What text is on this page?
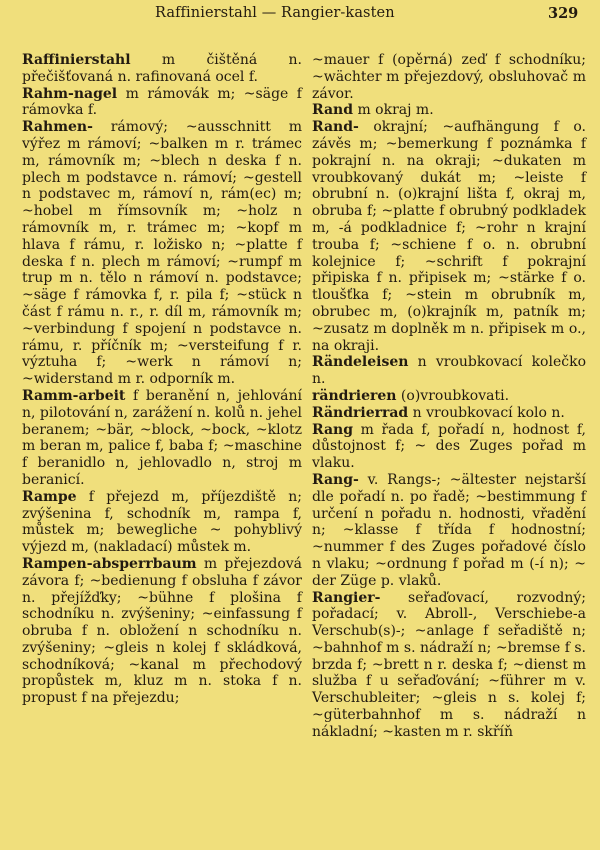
Raffinierstahl — Rangier-kasten	329

Raffinierstahl m čištěná n. přečišťovaná n. rafinovaná ocel f.

Rahm-nagel m rámovák m; ~säge f rámovka f.

Rahmen- rámový; ~ausschnitt m výřez m rámoví; ~balken m r. trámec m, rámovník m; ~blech n deska f n. plech m podstavce n. rámoví; ~gestell n podstavec m, rámoví n, rám(ec) m; ~hobel m římsovník m; ~holz n rámovník m, r. trámec m; ~kopf m hlava f rámu, r. ložisko n; ~platte f deska f n. plech m rámoví; ~rumpf m trup m n. tělo n rámoví n. podstavce; ~säge f rámovka f, r. pila f; ~stück n část f rámu n. r., r. díl m, rámovník m; ~verbindung f spojení n podstavce n. rámu, r. příčník m; ~versteifung f r. výztuha f; ~werk n rámoví n; ~widerstand m r. odporník m.

Ramm-arbeit f beranění n, jehlování n, pilotování n, zarážení n. kolů n. jehel beranem; ~bär, ~block, ~bock, ~klotz m beran m, palice f, baba f; ~maschine f beranidlo n, jehlovadlo n, stroj m beranicí.

Rampe f přejezd m, příjezdiště n; zvýšenina f, schodník m, rampa f, můstek m; bewegliche ~ pohyblivý výjezd m, (nakladací) můstek m.

Rampen-absperrbaum m přejezdová závora f; ~bedienung f obsluha f závor n. přejížďky; ~bühne f plošina f schodníku n. zvýšeniny; ~einfassung f obruba f n. obložení n schodníku n. zvýšeniny; ~gleis n kolej f skládková, schodníková; ~kanal m přechodový propůstek m, kluz m n. stoka f n. propust f na přejezdu;

~mauer f (opěrná) zeď f schodníku; ~wächter m přejezdový, obsluhovač m závor.

Rand m okraj m.

Rand- okrajní; ~aufhängung f o. závěs m; ~bemerkung f poznámka f pokrajní n. na okraji; ~dukaten m vroubkovaný dukát m; ~leiste f obrubní n. (o)krajní lišta f, okraj m, obruba f; ~platte f obrubný podkladek m, -á podkladnice f; ~rohr n krajní trouba f; ~schiene f o. n. obrubní kolejnice f; ~schrift f pokrajní připiska f n. připisek m; ~stärke f o. tloušťka f; ~stein m obrubník m, obrubec m, (o)krajník m, patník m; ~zusatz m doplněk m n. připisek m o., na okraji.

Rändeleisen n vroubkovací kolečko n.

rändrieren (o)vroubkovati.

Rändrierrad n vroubkovací kolo n.

Rang m řada f, pořadí n, hodnost f, důstojnost f; ~ des Zuges pořad m vlaku.

Rang- v. Rangs-; ~ältester nejstarší dle pořadí n. po řadě; ~bestimmung f určení n pořadu n. hodnosti, vřadění n; ~klasse f třída f hodnostní; ~nummer f des Zuges pořadové číslo n vlaku; ~ordnung f pořad m (-í n); ~ der Züge p. vlaků.

Rangier- seřaďovací, rozvodný; pořadací; v. Abroll-, Verschiebe-a Verschub(s)-; ~anlage f seřadiště n; ~bahnhof m s. nádraží n; ~bremse f s. brzda f; ~brett n r. deska f; ~dienst m služba f u seřaďování; ~führer m v. Verschubleiter; ~gleis n s. kolej f; ~güterbahnhof m s. nádraží n nákladní; ~kasten m r. skříň
